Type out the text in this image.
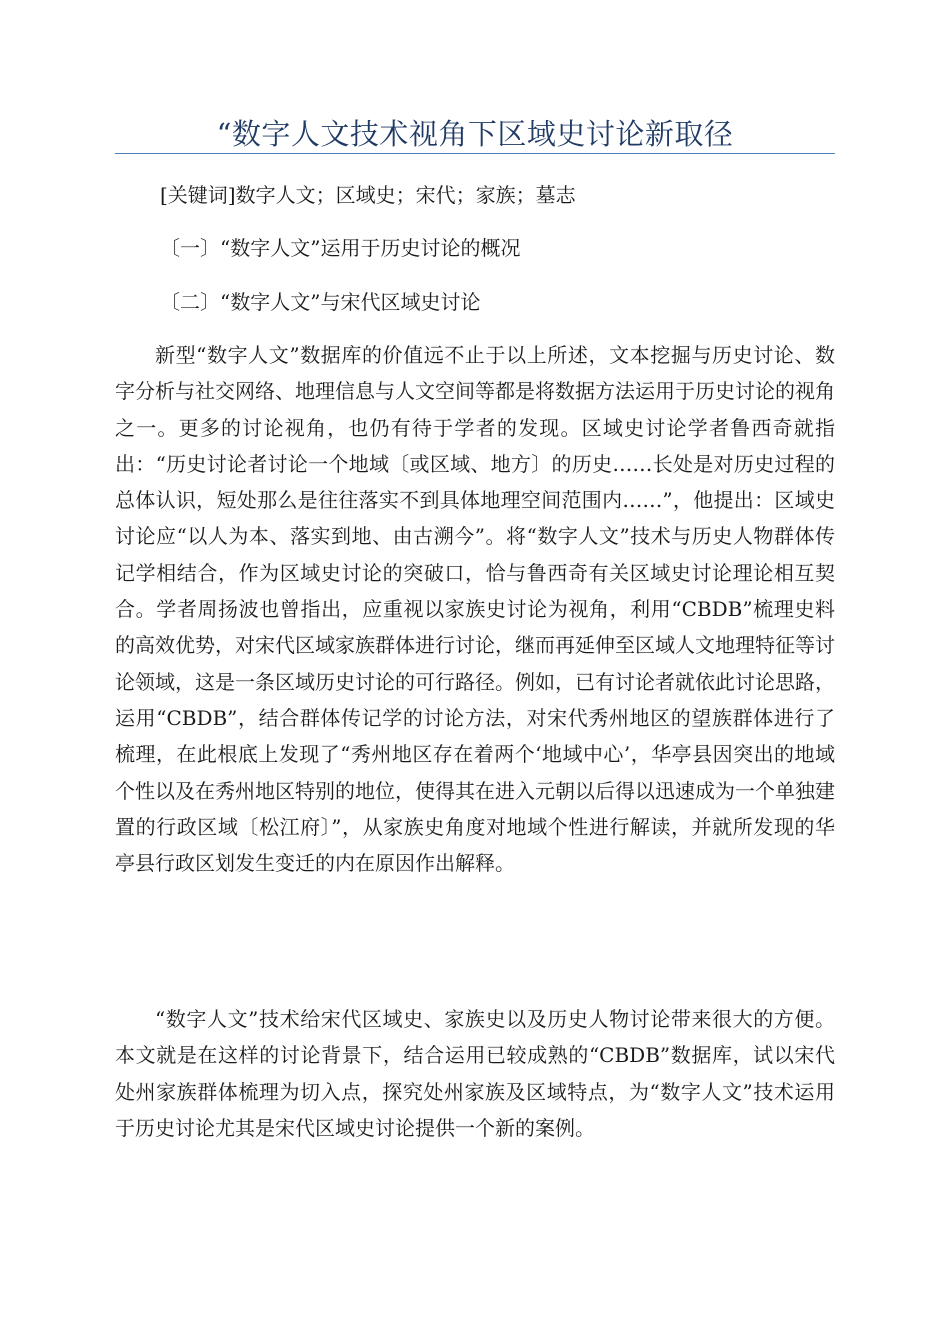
“数字人文技术视角下区域史讨论新取径
[关键词]数字人文；区域史；宋代；家族；墓志
〔一〕“数字人文”运用于历史讨论的概况
〔二〕“数字人文”与宋代区域史讨论

新型“数字人文”数据库的价值远不止于以上所述，文本挖掘与历史讨论、数字分析与社交网络、地理信息与人文空间等都是将数据方法运用于历史讨论的视角之一。更多的讨论视角，也仍有待于学者的发现。区域史讨论学者鲁西奇就指出：“历史讨论者讨论一个地域〔或区域、地方〕的历史……长处是对历史过程的总体认识，短处那么是往往落实不到具体地理空间范围内……”，他提出：区域史讨论应“以人为本、落实到地、由古溯今”。将“数字人文”技术与历史人物群体传记学相结合，作为区域史讨论的突破口，恰与鲁西奇有关区域史讨论理论相互契合。学者周扬波也曾指出，应重视以家族史讨论为视角，利用“CBDB”梳理史料的高效优势，对宋代区域家族群体进行讨论，继而再延伸至区域人文地理特征等讨论领域，这是一条区域历史讨论的可行路径。例如，已有讨论者就依此讨论思路，运用“CBDB”，结合群体传记学的讨论方法，对宋代秀州地区的望族群体进行了梳理，在此根底上发现了“秀州地区存在着两个‘地域中心’，华亭县因突出的地域个性以及在秀州地区特别的地位，使得其在进入元朝以后得以迅速成为一个单独建置的行政区域〔松江府〕”，从家族史角度对地域个性进行解读，并就所发现的华亭县行政区划发生变迁的内在原因作出解释。

“数字人文”技术给宋代区域史、家族史以及历史人物讨论带来很大的方便。本文就是在这样的讨论背景下，结合运用已较成熟的“CBDB”数据库，试以宋代处州家族群体梳理为切入点，探究处州家族及区域特点，为“数字人文”技术运用于历史讨论尤其是宋代区域史讨论提供一个新的案例。
